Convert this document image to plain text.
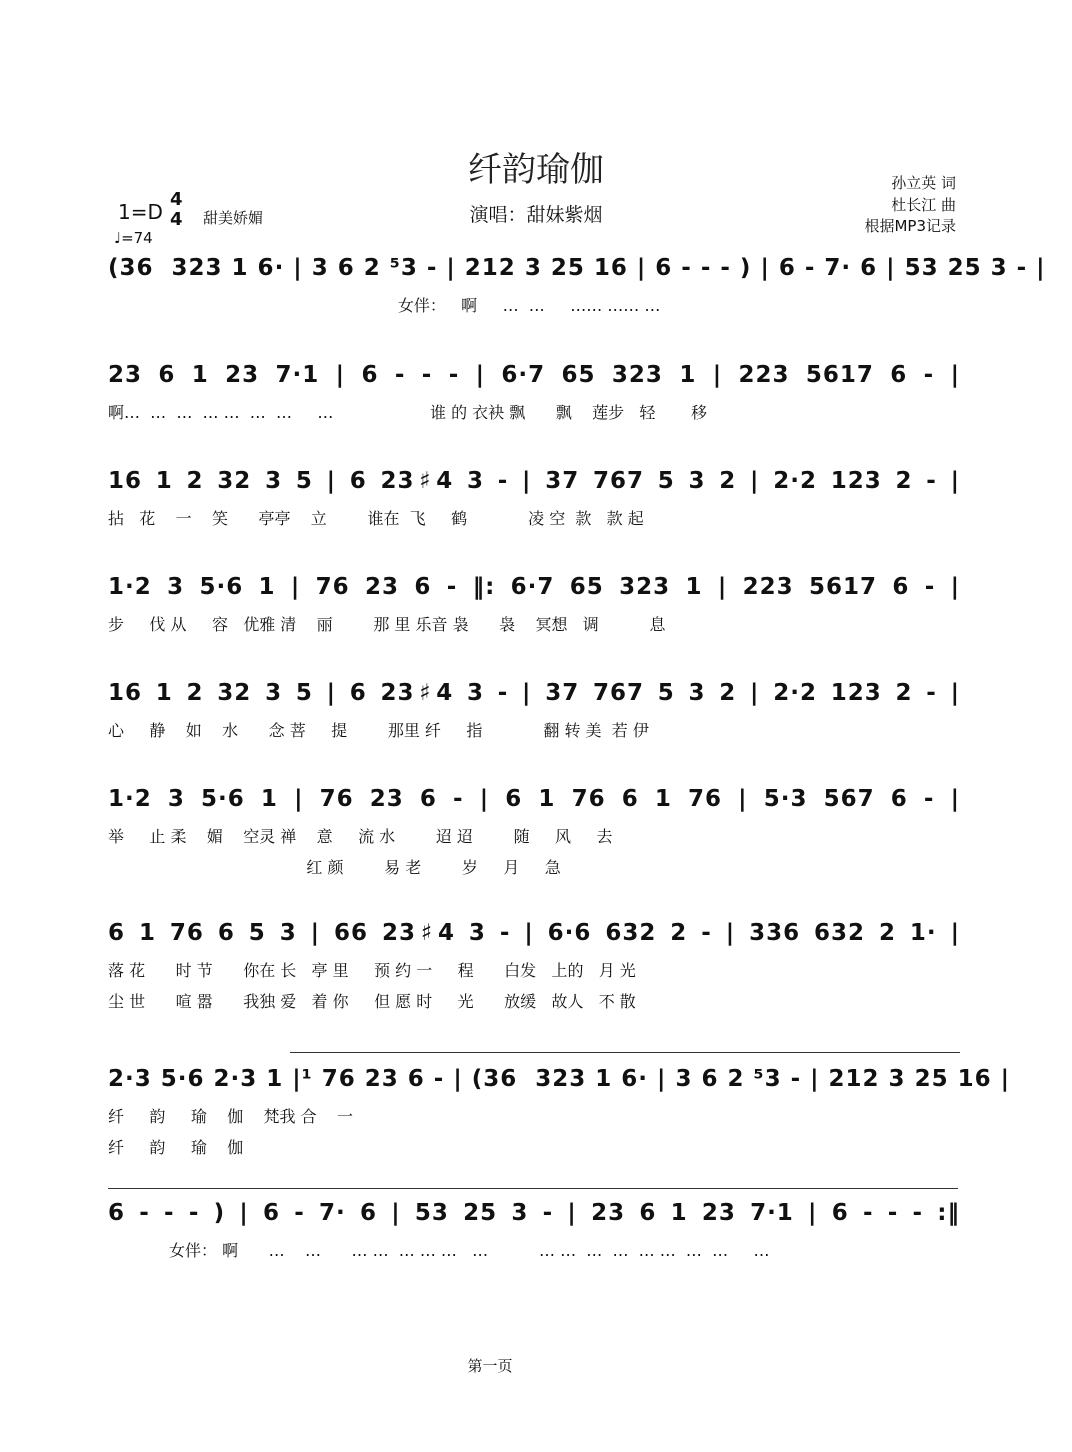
纤韵瑜伽
演唱：甜妹紫烟
1=D
4
4 甜美娇媚
♩=74
孙立英 词
杜长江 曲
根据MP3记录
(36  323 1 6· | 3 6 2 ⁵3 - | 212 3 25 16 | 6 - - - ) | 6 - 7· 6 | 53 25 3 - |
女伴：   啊     …  …     …… …… …
23 6 1 23 7·1 | 6 - - - | 6·7 65 323 1 | 223 5617 6 - |
啊…  …  …  … …  …  …     …                   谁 的 衣袂 飘      飘    莲步   轻       移
16 1 2 32 3 5 | 6 23♯4 3 - | 37 767 5 3 2 | 2·2 123 2 - |
拈   花    一    笑      亭亭    立        谁在  飞     鹤            凌 空  款   款 起
1·2 3 5·6 1 | 76 23 6 - ‖: 6·7 65 323 1 | 223 5617 6 - |
步     伐 从     容   优雅 清    丽        那 里 乐音 袅      袅    冥想   调          息
16 1 2 32 3 5 | 6 23♯4 3 - | 37 767 5 3 2 | 2·2 123 2 - |
心     静    如    水      念 菩     提        那里 纤     指            翻 转 美  若 伊
1·2 3 5·6 1 | 76 23 6 - | 6 1 76 6 1 76 | 5·3 567 6 - |
举     止 柔    媚    空灵 禅    意     流 水        迢 迢        随     风     去
红 颜        易 老        岁     月     急
6 1 76 6 5 3 | 66 23♯4 3 - | 6·6 632 2 - | 336 632 2 1· |
落 花      时 节      你在 长   亭 里     预 约 一     程      白发   上的   月 光
尘 世      喧 嚣      我独 爱   着 你     但 愿 时     光      放缓   故人   不 散
2·3 5·6 2·3 1 |¹ 76 23 6 - | (36  323 1 6· | 3 6 2 ⁵3 - | 212 3 25 16 |
纤     韵     瑜    伽    梵我 合    一
纤     韵     瑜    伽
6 - - - ) | 6 - 7· 6 | 53 25 3 - | 23 6 1 23 7·1 | 6 - - - :‖
女伴： 啊      …    …      … …  … … …   …          … …  …  …  … …  …  …     …
第一页
